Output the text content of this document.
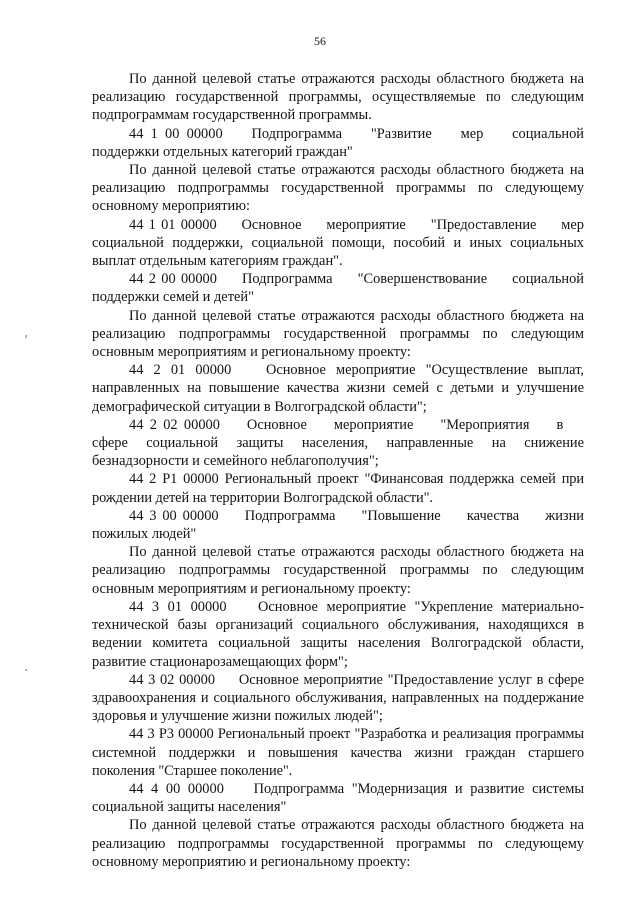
56
,
·

По данной целевой статье отражаются расходы областного бюджета на реализацию государственной программы, осуществляемые по следующим подпрограммам государственной программы.

44 1 00 00000   Подпрограмма   "Развитие   мер   социальной поддержки отдельных категорий граждан"

По данной целевой статье отражаются расходы областного бюджета на реализацию подпрограммы государственной программы по следующему основному мероприятию:

44 1 01 00000   Основное   мероприятие   "Предоставление   мер социальной поддержки, социальной помощи, пособий и иных социальных выплат отдельным категориям граждан".

44 2 00 00000   Подпрограмма   "Совершенствование   социальной поддержки семей и детей"

По данной целевой статье отражаются расходы областного бюджета на реализацию подпрограммы государственной программы по следующим основным мероприятиям и региональному проекту:

44 2 01 00000   Основное мероприятие "Осуществление выплат, направленных на повышение качества жизни семей с детьми и улучшение демографической ситуации в Волгоградской области";

44 2 02 00000   Основное   мероприятие   "Мероприятия   в   сфере социальной защиты населения, направленные на снижение безнадзорности и семейного неблагополучия";

44 2 P1 00000 Региональный проект "Финансовая поддержка семей при рождении детей на территории Волгоградской области".

44 3 00 00000   Подпрограмма   "Повышение   качества   жизни пожилых людей"

По данной целевой статье отражаются расходы областного бюджета на реализацию подпрограммы государственной программы по следующим основным мероприятиям и региональному проекту:

44 3 01 00000   Основное мероприятие "Укрепление материально-технической базы организаций социального обслуживания, находящихся в ведении комитета социальной защиты населения Волгоградской области, развитие стационарозамещающих форм";

44 3 02 00000   Основное мероприятие "Предоставление услуг в сфере здравоохранения и социального обслуживания, направленных на поддержание здоровья и улучшение жизни пожилых людей";

44 3 P3 00000 Региональный проект "Разработка и реализация программы системной поддержки и повышения качества жизни граждан старшего поколения "Старшее поколение".

44 4 00 00000   Подпрограмма "Модернизация и развитие системы социальной защиты населения"

По данной целевой статье отражаются расходы областного бюджета на реализацию подпрограммы государственной программы по следующему основному мероприятию и региональному проекту:
